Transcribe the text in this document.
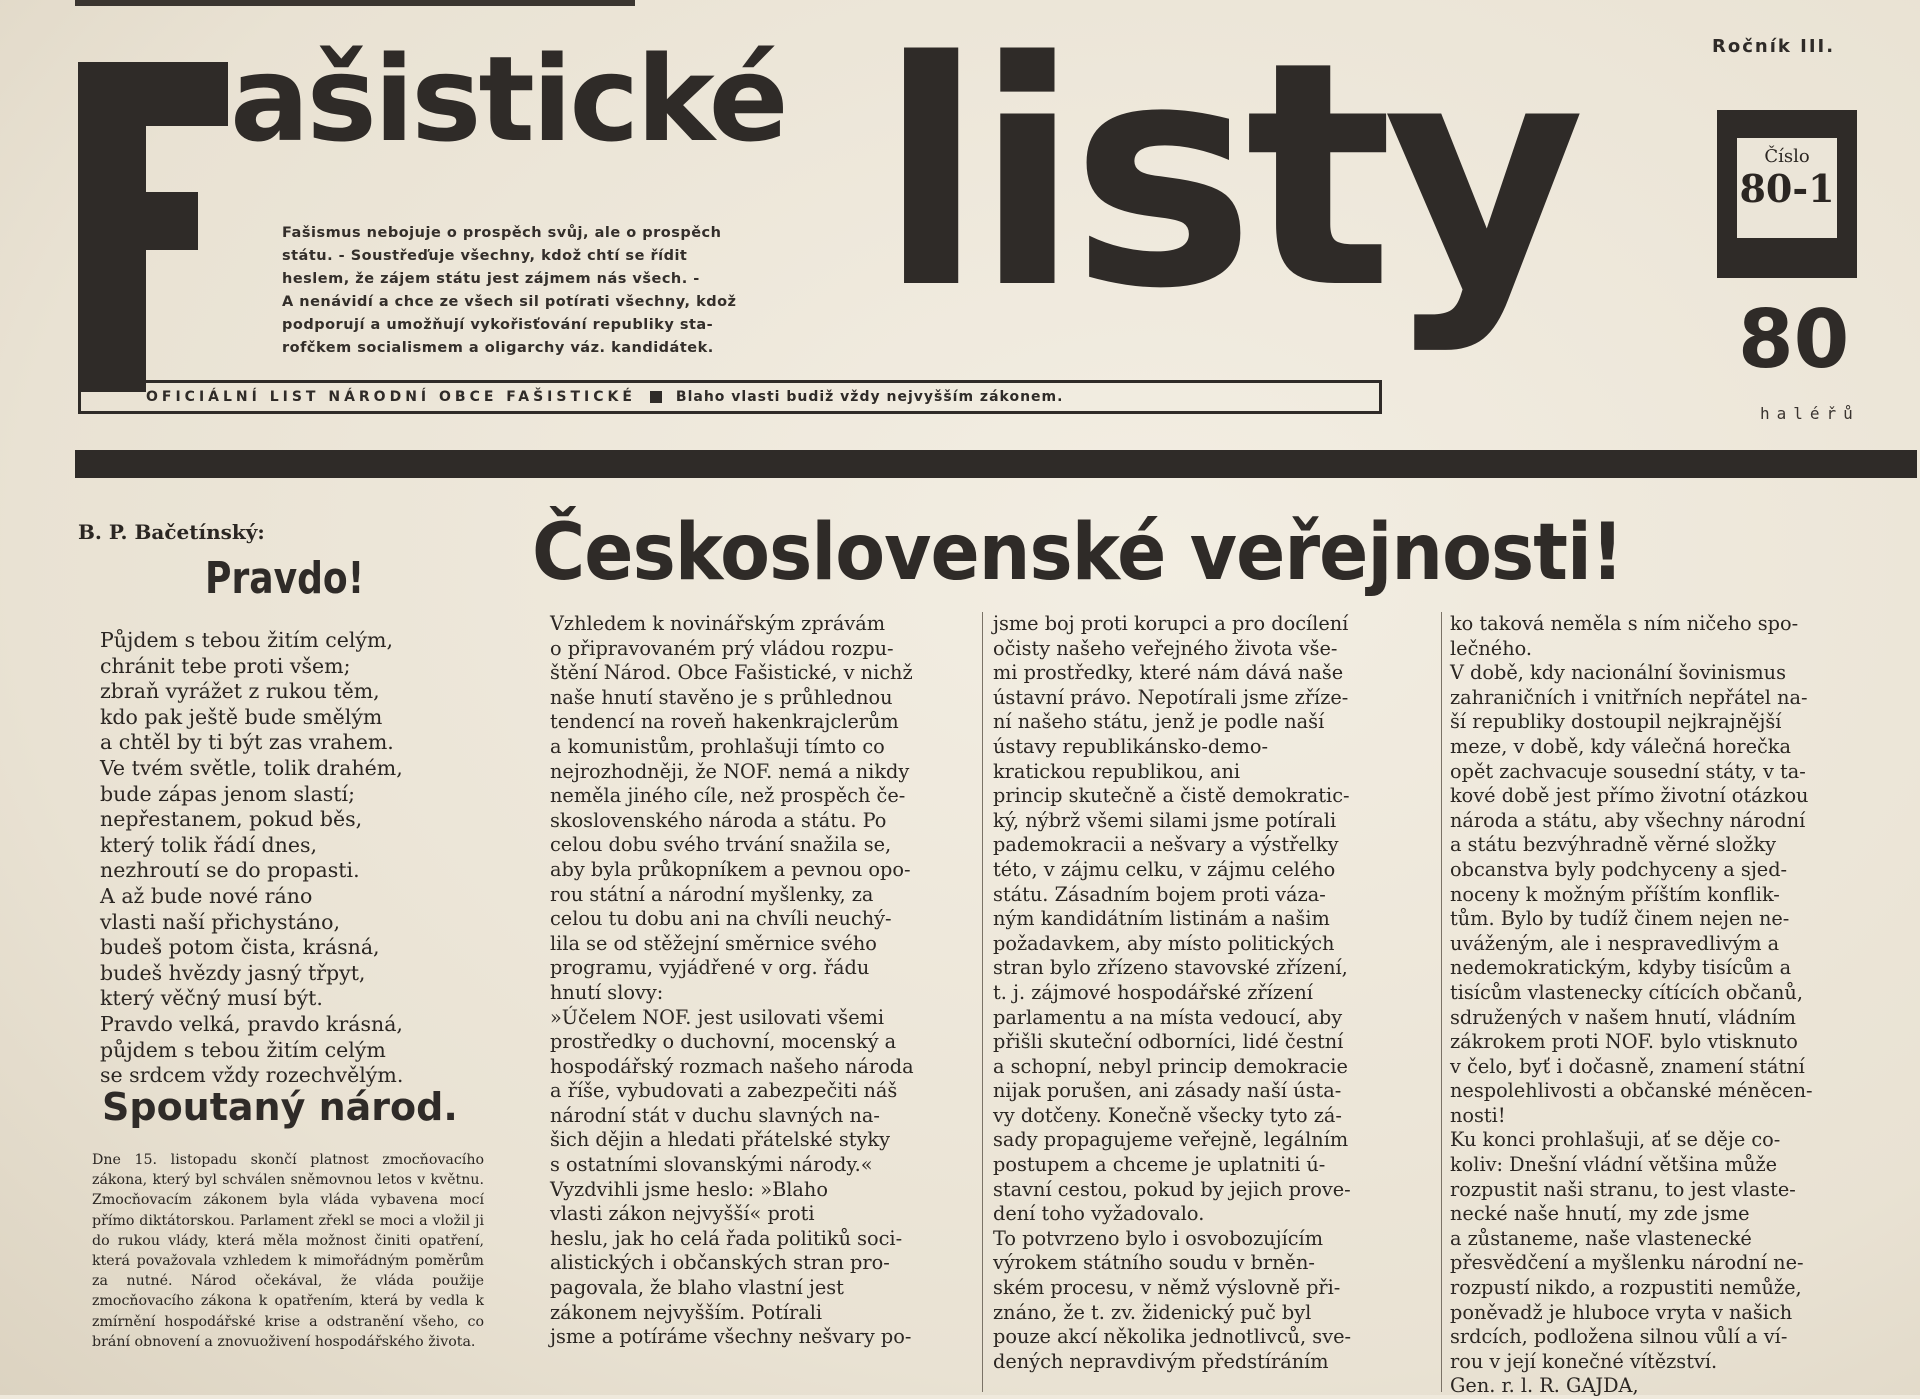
ašistické listy
Fašismus nebojuje o prospěch svůj, ale o prospěch
státu. - Soustřeďuje všechny, kdož chtí se řídit
heslem, že zájem státu jest zájmem nás všech. -
A nenávidí a chce ze všech sil potírati všechny, kdož
podporují a umožňují vykořisťování republiky sta-
rofčkem socialismem a oligarchy váz. kandidátek.
Ročník III.
Číslo
80-1
80
haléřů
OFICIÁLNÍ LIST NÁRODNÍ OBCE FAŠISTICKÉ	Blaho vlasti budiž vždy nejvyšším zákonem.
B. P. Bačetínský:
Pravdo!
Půjdem s tebou žitím celým,
chránit tebe proti všem;
zbraň vyrážet z rukou těm,
kdo pak ještě bude smělým
a chtěl by ti být zas vrahem.
Ve tvém světle, tolik drahém,
bude zápas jenom slastí;
nepřestanem, pokud běs,
který tolik řádí dnes,
nezhroutí se do propasti.
A až bude nové ráno
vlasti naší přichystáno,
budeš potom čista, krásná,
budeš hvězdy jasný třpyt,
který věčný musí být.
Pravdo velká, pravdo krásná,
půjdem s tebou žitím celým
se srdcem vždy rozechvělým.
Spoutaný národ.
Dne 15. listopadu skončí platnost zmocňovacího zákona, který byl schválen sněmovnou letos v květnu. Zmocňovacím zákonem byla vláda vybavena mocí přímo diktátorskou. Parlament zřekl se moci a vložil ji do rukou vlády, která měla možnost činiti opatření, která považovala vzhledem k mimořádným poměrům za nutné. Národ očekával, že vláda použije zmocňovacího zákona k opatřením, která by vedla k zmírnění hospodářské krise a odstranění všeho, co brání obnovení a znovuoživení hospodářského života.
Československé veřejnosti!
Vzhledem k novinářským zprávám
o připravovaném prý vládou rozpu-
štění Národ. Obce Fašistické, v nichž
naše hnutí stavěno je s průhlednou
tendencí na roveň hakenkrajclerům
a komunistům, prohlašuji tímto co
nejrozhodněji, že NOF. nemá a nikdy
neměla jiného cíle, než prospěch če-
skoslovenského národa a státu. Po
celou dobu svého trvání snažila se,
aby byla průkopníkem a pevnou opo-
rou státní a národní myšlenky, za
celou tu dobu ani na chvíli neuchý-
lila se od stěžejní směrnice svého
programu, vyjádřené v org. řádu
hnutí slovy:
»Účelem NOF. jest usilovati všemi
prostředky o duchovní, mocenský a
hospodářský rozmach našeho národa
a říše, vybudovati a zabezpečiti náš
národní stát v duchu slavných na-
šich dějin a hledati přátelské styky
s ostatními slovanskými národy.«
Vyzdvihli jsme heslo: »Blaho
vlasti zákon nejvyšší« proti
heslu, jak ho celá řada politiků soci-
alistických i občanských stran pro-
pagovala, že blaho vlastní jest
zákonem nejvyšším. Potírali
jsme a potíráme všechny nešvary po-
jsme boj proti korupci a pro docílení
očisty našeho veřejného života vše-
mi prostředky, které nám dává naše
ústavní právo. Nepotírali jsme zříze-
ní našeho státu, jenž je podle naší
ústavy republikánsko-demo-
kratickou republikou, ani
princip skutečně a čistě demokratic-
ký, nýbrž všemi silami jsme potírali
pademokracii a nešvary a výstřelky
této, v zájmu celku, v zájmu celého
státu. Zásadním bojem proti váza-
ným kandidátním listinám a našim
požadavkem, aby místo politických
stran bylo zřízeno stavovské zřízení,
t. j. zájmové hospodářské zřízení
parlamentu a na místa vedoucí, aby
přišli skuteční odborníci, lidé čestní
a schopní, nebyl princip demokracie
nijak porušen, ani zásady naší ústa-
vy dotčeny. Konečně všecky tyto zá-
sady propagujeme veřejně, legálním
postupem a chceme je uplatniti ú-
stavní cestou, pokud by jejich prove-
dení toho vyžadovalo.
To potvrzeno bylo i osvobozujícím
výrokem státního soudu v brněn-
ském procesu, v němž výslovně při-
znáno, že t. zv. židenický puč byl
pouze akcí několika jednotlivců, sve-
dených nepravdivým předstíráním
ko taková neměla s ním ničeho spo-
lečného.
V době, kdy nacionální šovinismus
zahraničních i vnitřních nepřátel na-
ší republiky dostoupil nejkrajnější
meze, v době, kdy válečná horečka
opět zachvacuje sousední státy, v ta-
kové době jest přímo životní otázkou
národa a státu, aby všechny národní
a státu bezvýhradně věrné složky
obcanstva byly podchyceny a sjed-
noceny k možným příštím konflik-
tům. Bylo by tudíž činem nejen ne-
uváženým, ale i nespravedlivým a
nedemokratickým, kdyby tisícům a
tisícům vlastenecky cítících občanů,
sdružených v našem hnutí, vládním
zákrokem proti NOF. bylo vtisknuto
v čelo, byť i dočasně, znamení státní
nespolehlivosti a občanské méněcen-
nosti!
Ku konci prohlašuji, ať se děje co-
koliv: Dnešní vládní většina může
rozpustit naši stranu, to jest vlaste-
necké naše hnutí, my zde jsme
a zůstaneme, naše vlastenecké
přesvědčení a myšlenku národní ne-
rozpustí nikdo, a rozpustiti nemůže,
poněvadž je hluboce vryta v našich
srdcích, podložena silnou vůlí a ví-
rou v její konečné vítězství.
Gen. r. l. R. GAJDA,
